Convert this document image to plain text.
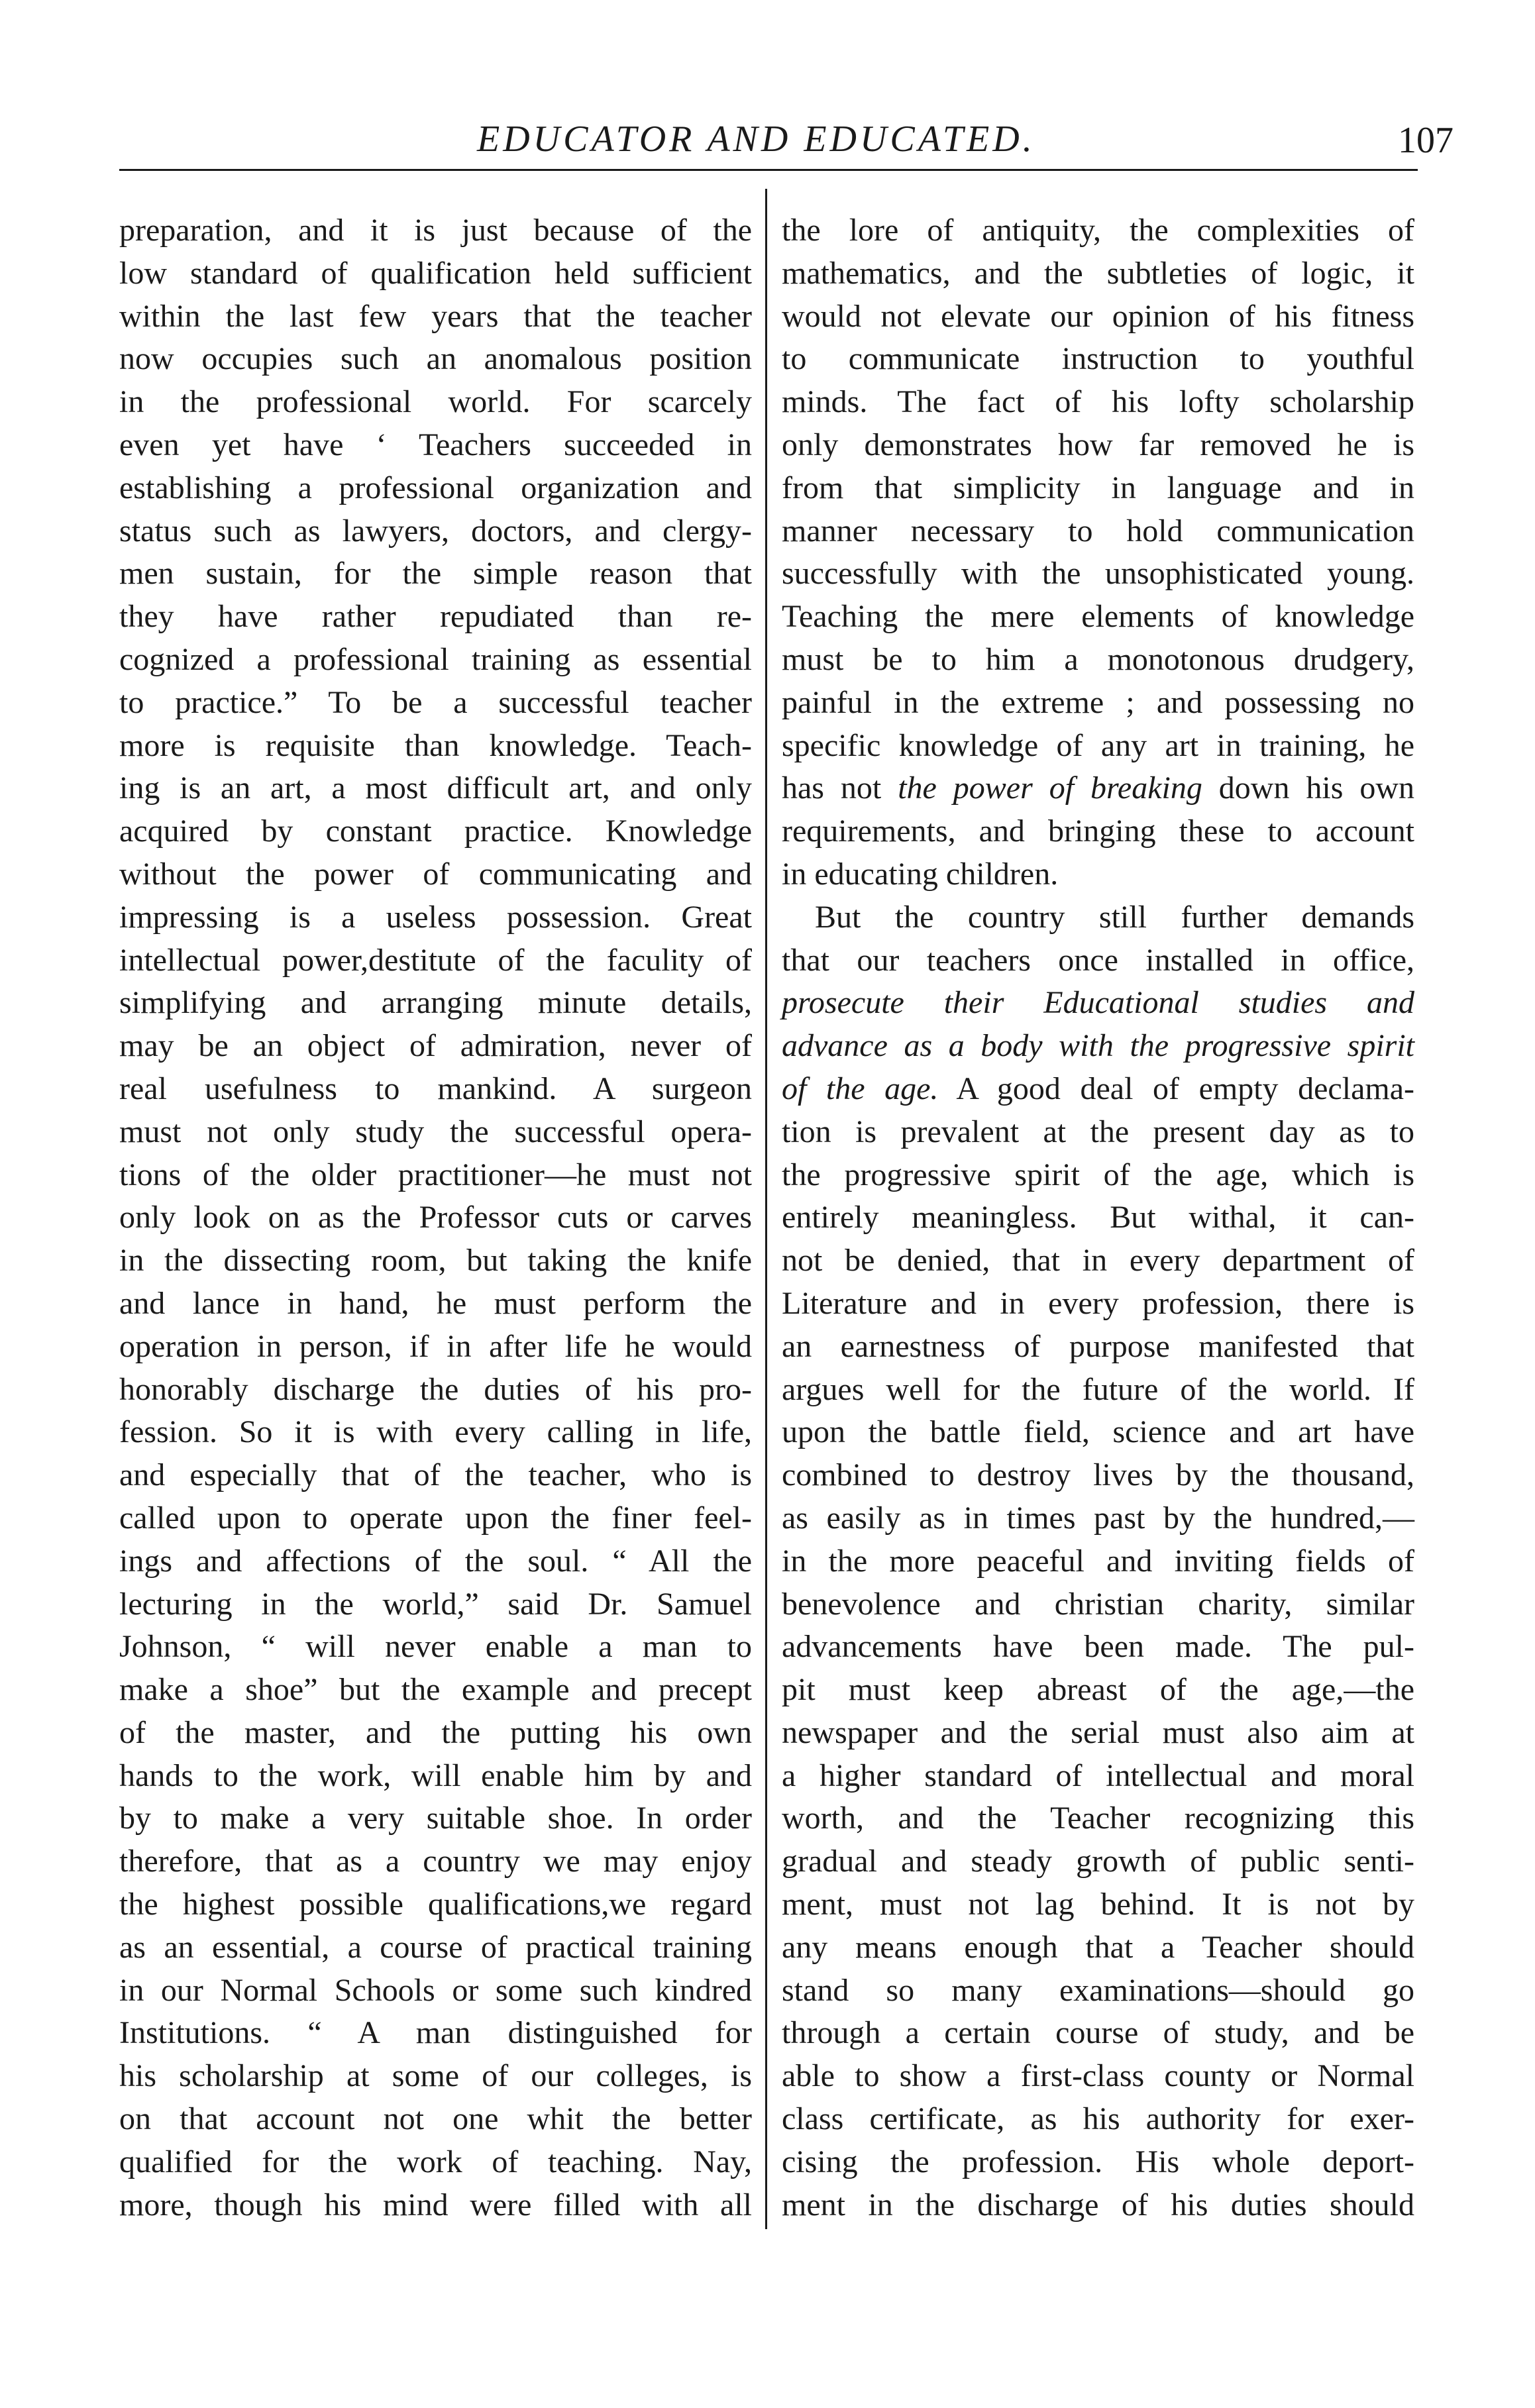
EDUCATOR AND EDUCATED.	107
preparation, and it is just because of the
low standard of qualification held sufficient
within the last few years that the teacher
now occupies such an anomalous position
in the professional world. For scarcely
even yet have ‘ Teachers succeeded in
establishing a professional organization and
status such as lawyers, doctors, and clergy-
men sustain, for the simple reason that
they have rather repudiated than re-
cognized a professional training as essential
to practice.” To be a successful teacher
more is requisite than knowledge. Teach-
ing is an art, a most difficult art, and only
acquired by constant practice. Knowledge
without the power of communicating and
impressing is a useless possession. Great
intellectual power,destitute of the faculity of
simplifying and arranging minute details,
may be an object of admiration, never of
real usefulness to mankind. A surgeon
must not only study the successful opera-
tions of the older practitioner—he must not
only look on as the Professor cuts or carves
in the dissecting room, but taking the knife
and lance in hand, he must perform the
operation in person, if in after life he would
honorably discharge the duties of his pro-
fession. So it is with every calling in life,
and especially that of the teacher, who is
called upon to operate upon the finer feel-
ings and affections of the soul. “ All the
lecturing in the world,” said Dr. Samuel
Johnson, “ will never enable a man to
make a shoe” but the example and precept
of the master, and the putting his own
hands to the work, will enable him by and
by to make a very suitable shoe. In order
therefore, that as a country we may enjoy
the highest possible qualifications,we regard
as an essential, a course of practical training
in our Normal Schools or some such kindred
Institutions. “ A man distinguished for
his scholarship at some of our colleges, is
on that account not one whit the better
qualified for the work of teaching. Nay,
more, though his mind were filled with all
the lore of antiquity, the complexities of
mathematics, and the subtleties of logic, it
would not elevate our opinion of his fitness
to communicate instruction to youthful
minds. The fact of his lofty scholarship
only demonstrates how far removed he is
from that simplicity in language and in
manner necessary to hold communication
successfully with the unsophisticated young.
Teaching the mere elements of knowledge
must be to him a monotonous drudgery,
painful in the extreme ; and possessing no
specific knowledge of any art in training, he
has not the power of breaking down his own
requirements, and bringing these to account
in educating children.
But the country still further demands
that our teachers once installed in office,
prosecute their Educational studies and
advance as a body with the progressive spirit
of the age. A good deal of empty declama-
tion is prevalent at the present day as to
the progressive spirit of the age, which is
entirely meaningless. But withal, it can-
not be denied, that in every department of
Literature and in every profession, there is
an earnestness of purpose manifested that
argues well for the future of the world. If
upon the battle field, science and art have
combined to destroy lives by the thousand,
as easily as in times past by the hundred,—
in the more peaceful and inviting fields of
benevolence and christian charity, similar
advancements have been made. The pul-
pit must keep abreast of the age,—the
newspaper and the serial must also aim at
a higher standard of intellectual and moral
worth, and the Teacher recognizing this
gradual and steady growth of public senti-
ment, must not lag behind. It is not by
any means enough that a Teacher should
stand so many examinations—should go
through a certain course of study, and be
able to show a first-class county or Normal
class certificate, as his authority for exer-
cising the profession. His whole deport-
ment in the discharge of his duties should
